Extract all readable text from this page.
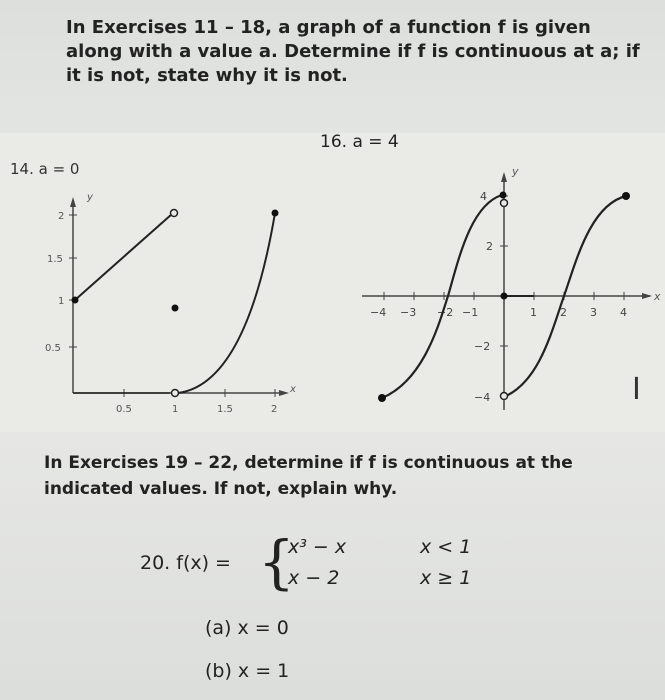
In Exercises 11 – 18, a graph of a function f is given along with a value a. Determine if f is continuous at a; if it is not, state why it is not.
14. a = 0
y
x
2
1.5
1
0.5
0.5	1	1.5	2
16. a = 4
y
x
4
2
−2
−4
−4 −3 −2 −1	1 2 3 4
I
In Exercises 19 – 22, determine if f is continuous at the indicated values. If not, explain why.
20. f(x) = {
x³ − x	x < 1
x − 2	x ≥ 1
(a) x = 0
(b) x = 1
